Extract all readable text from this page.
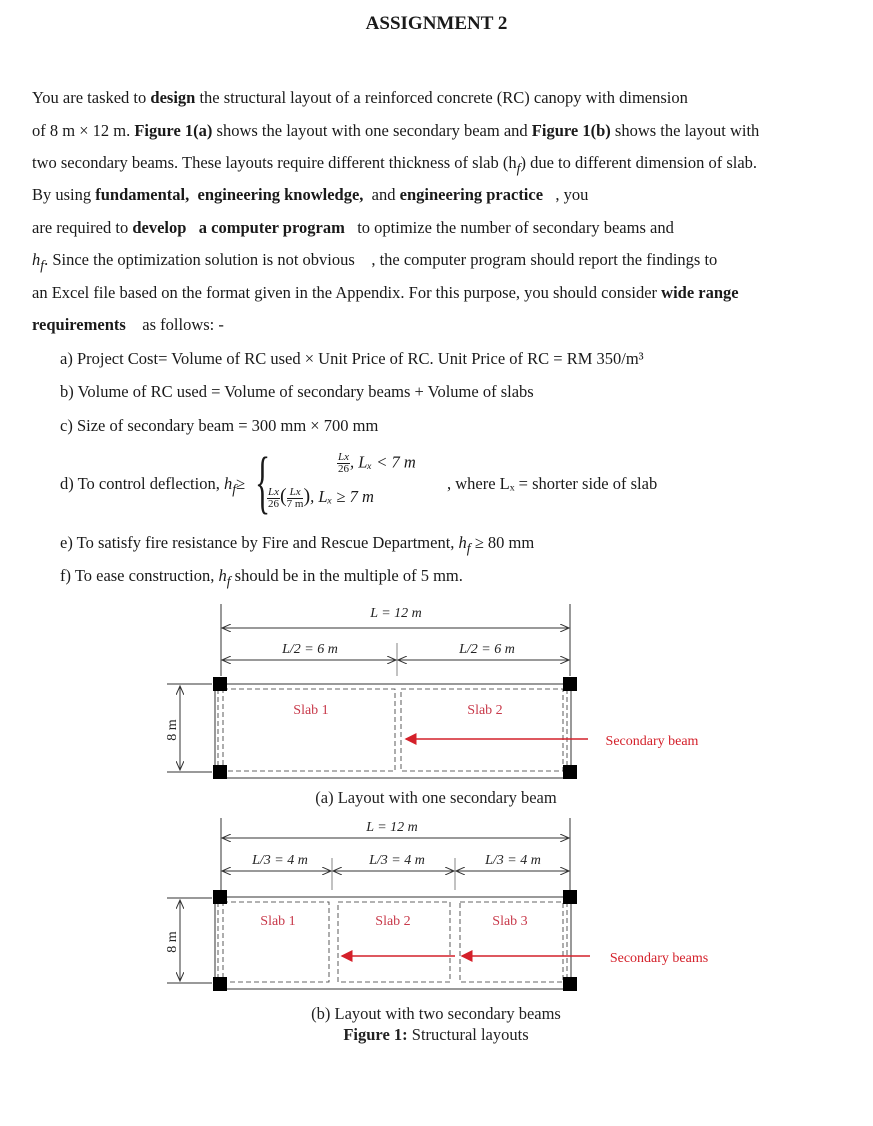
ASSIGNMENT 2
You are tasked to design the structural layout of a reinforced concrete (RC) canopy with dimension
of 8 m × 12 m. Figure 1(a) shows the layout with one secondary beam and Figure 1(b) shows the layout with
two secondary beams. These layouts require different thickness of slab $(h_f)$ due to different dimension of slab.
By using fundamental, engineering knowledge, and engineering practice , you
are required to develop a computer program to optimize the number of secondary beams and
$h_f$. Since the optimization solution is not obvious , the computer program should report the findings to
an Excel file based on the format given in the Appendix. For this purpose, you should consider wide range
requirements as follows: -
a) Project Cost= Volume of RC used × Unit Price of RC. Unit Price of RC = RM 350/m³
b) Volume of RC used = Volume of secondary beams + Volume of slabs
c) Size of secondary beam = 300 mm × 700 mm
d) To control deflection, $h_f\ge$ {	$\frac{Lx}{26}$ , Lₓ < 7 m
$\frac{Lx}{26}$ ( $\frac{Lx}{7 m}$ ), Lₓ ≥ 7 m
, where Lₓ = shorter side of slab
e) To satisfy fire resistance by Fire and Rescue Department, $h_f \ge 80$ mm
f) To ease construction, $h_f$ should be in the multiple of 5 mm.
L = 12 m
L/2 = 6 m	L/2 = 6 m
8 m
Slab 1	Slab 2
Secondary beam
(a) Layout with one secondary beam
L = 12 m
L/3 = 4 m	L/3 = 4 m	L/3 = 4 m
8 m
Slab 1	Slab 2	Slab 3
Secondary beams
(b) Layout with two secondary beams
Figure 1: Structural layouts
